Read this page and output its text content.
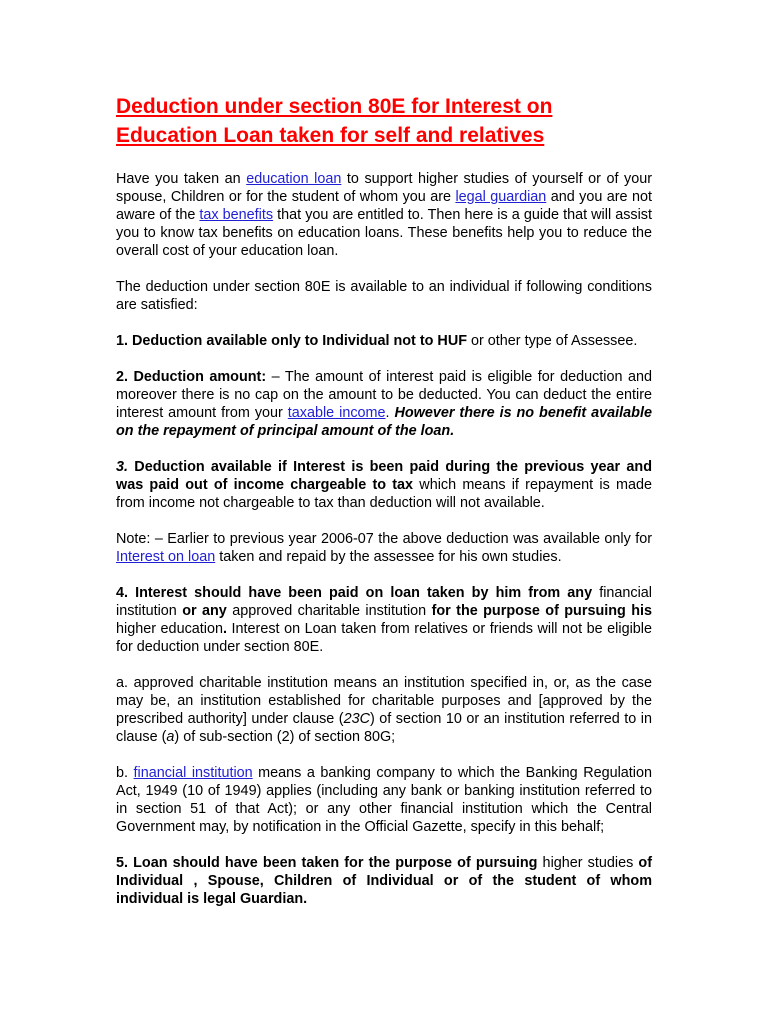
Deduction under section 80E for Interest on Education Loan taken for self and relatives

Have you taken an education loan to support higher studies of yourself or of your spouse, Children or for the student of whom you are legal guardian and you are not aware of the tax benefits that you are entitled to. Then here is a guide that will assist you to know tax benefits on education loans. These benefits help you to reduce the overall cost of your education loan.

The deduction under section 80E is available to an individual if following conditions are satisfied:

1. Deduction available only to Individual not to HUF or other type of Assessee.

2. Deduction amount: – The amount of interest paid is eligible for deduction and moreover there is no cap on the amount to be deducted. You can deduct the entire interest amount from your taxable income. However there is no benefit available on the repayment of principal amount of the loan.

3. Deduction available if Interest is been paid during the previous year and was paid out of income chargeable to tax which means if repayment is made from income not chargeable to tax than deduction will not available.

Note: – Earlier to previous year 2006-07 the above deduction was available only for Interest on loan taken and repaid by the assessee for his own studies.

4. Interest should have been paid on loan taken by him from any financial institution or any approved charitable institution for the purpose of pursuing his higher education. Interest on Loan taken from relatives or friends will not be eligible for deduction under section 80E.

a. approved charitable institution means an institution specified in, or, as the case may be, an institution established for charitable purposes and [approved by the prescribed authority] under clause (23C) of section 10 or an institution referred to in clause (a) of sub-section (2) of section 80G;

b. financial institution means a banking company to which the Banking Regulation Act, 1949 (10 of 1949) applies (including any bank or banking institution referred to in section 51 of that Act); or any other financial institution which the Central Government may, by notification in the Official Gazette, specify in this behalf;

5. Loan should have been taken for the purpose of pursuing higher studies of Individual , Spouse, Children of Individual or of the student of whom individual is legal Guardian.
